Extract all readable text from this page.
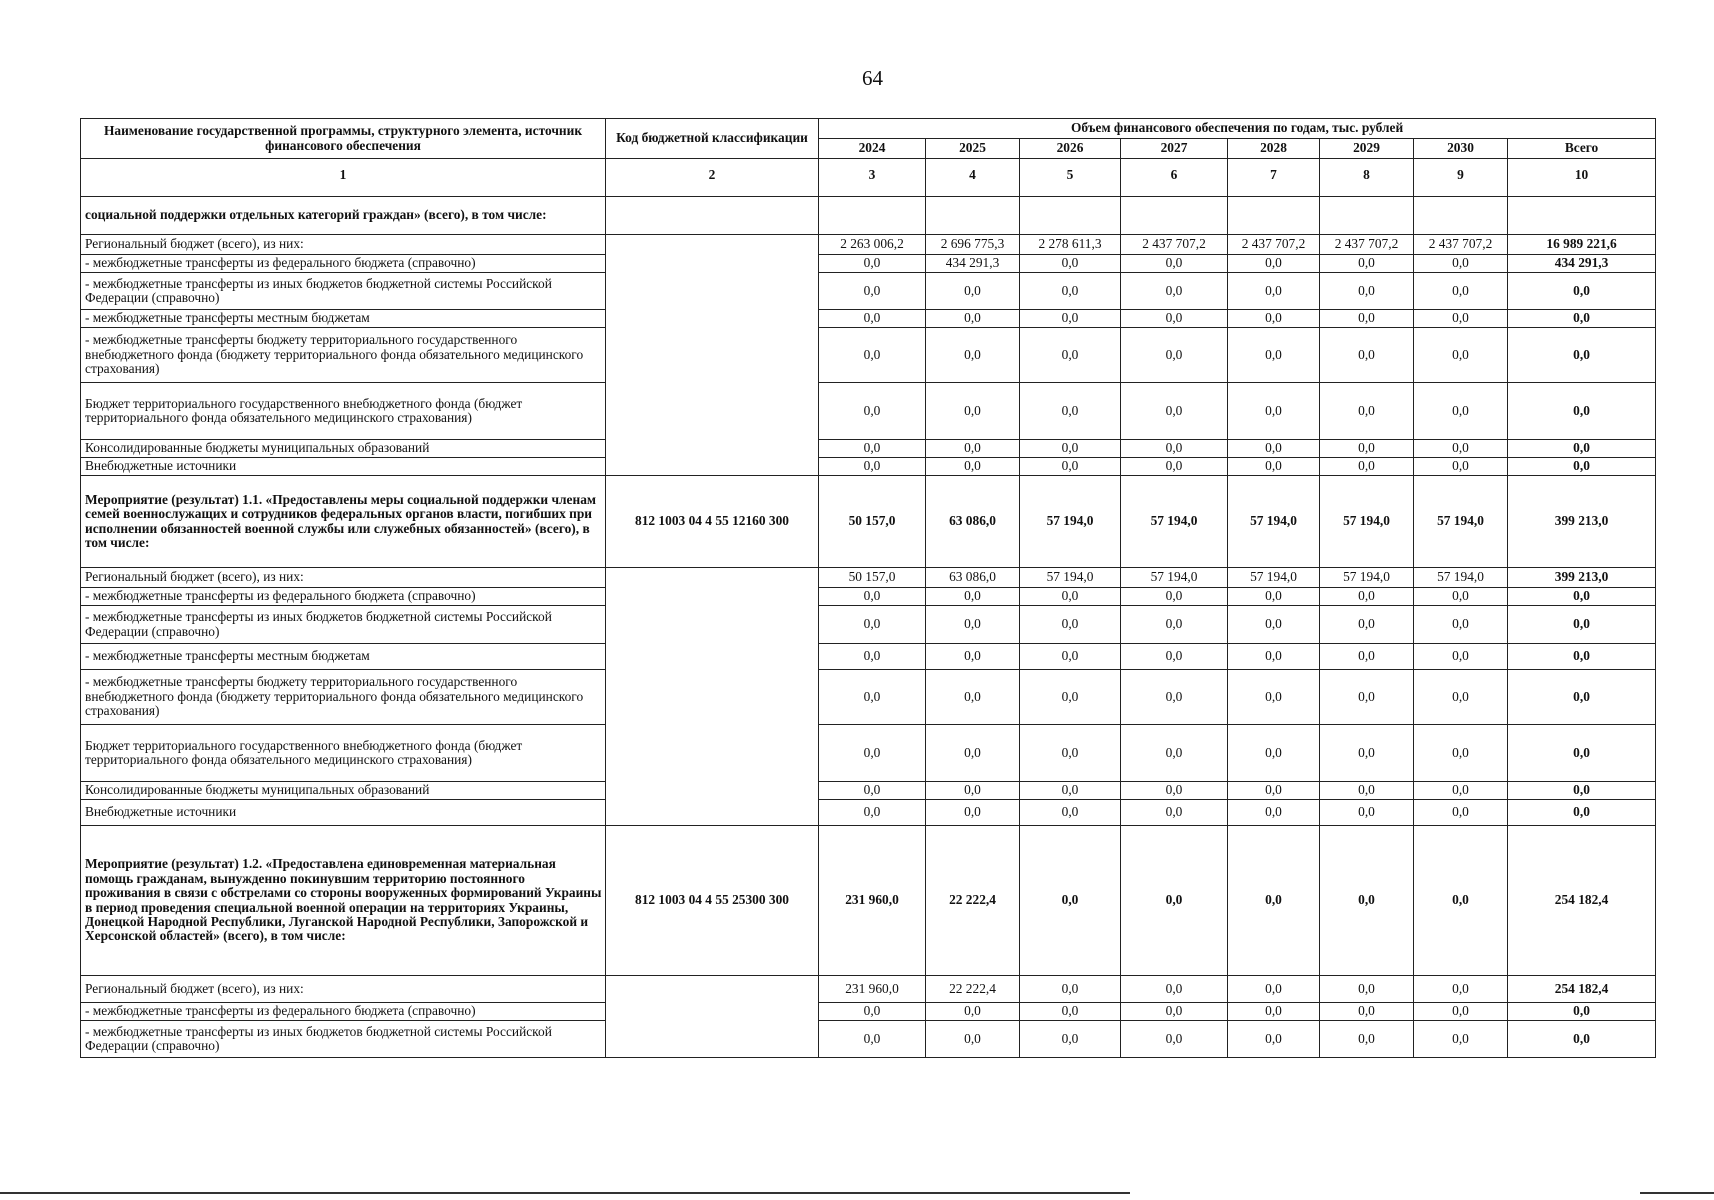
64
Наименование государственной программы, структурного элемента, источник финансового обеспечения	Код бюджетной классификации	Объем финансового обеспечения по годам, тыс. рублей							
		2024	2025	2026	2027	2028	2029	2030	Всего
1	2	3	4	5	6	7	8	9	10
социальной поддержки отдельных категорий граждан» (всего), в том числе:									
Региональный бюджет (всего), из них:		2 263 006,2	2 696 775,3	2 278 611,3	2 437 707,2	2 437 707,2	2 437 707,2	2 437 707,2	16 989 221,6
- межбюджетные трансферты из федерального бюджета (справочно)		0,0	434 291,3	0,0	0,0	0,0	0,0	0,0	434 291,3
- межбюджетные трансферты из иных бюджетов бюджетной системы Российской Федерации (справочно)		0,0	0,0	0,0	0,0	0,0	0,0	0,0	0,0
- межбюджетные трансферты местным бюджетам		0,0	0,0	0,0	0,0	0,0	0,0	0,0	0,0
- межбюджетные трансферты бюджету территориального государственного внебюджетного фонда (бюджету территориального фонда обязательного медицинского страхования)		0,0	0,0	0,0	0,0	0,0	0,0	0,0	0,0
Бюджет территориального государственного внебюджетного фонда (бюджет территориального фонда обязательного медицинского страхования)		0,0	0,0	0,0	0,0	0,0	0,0	0,0	0,0
Консолидированные бюджеты муниципальных образований		0,0	0,0	0,0	0,0	0,0	0,0	0,0	0,0
Внебюджетные источники		0,0	0,0	0,0	0,0	0,0	0,0	0,0	0,0
Мероприятие (результат) 1.1. «Предоставлены меры социальной поддержки членам семей военнослужащих и сотрудников федеральных органов власти, погибших при исполнении обязанностей военной службы или служебных обязанностей» (всего), в том числе:	812 1003 04 4 55 12160 300	50 157,0	63 086,0	57 194,0	57 194,0	57 194,0	57 194,0	57 194,0	399 213,0
Региональный бюджет (всего), из них:		50 157,0	63 086,0	57 194,0	57 194,0	57 194,0	57 194,0	57 194,0	399 213,0
- межбюджетные трансферты из федерального бюджета (справочно)		0,0	0,0	0,0	0,0	0,0	0,0	0,0	0,0
- межбюджетные трансферты из иных бюджетов бюджетной системы Российской Федерации (справочно)		0,0	0,0	0,0	0,0	0,0	0,0	0,0	0,0
- межбюджетные трансферты местным бюджетам		0,0	0,0	0,0	0,0	0,0	0,0	0,0	0,0
- межбюджетные трансферты бюджету территориального государственного внебюджетного фонда (бюджету территориального фонда обязательного медицинского страхования)		0,0	0,0	0,0	0,0	0,0	0,0	0,0	0,0
Бюджет территориального государственного внебюджетного фонда (бюджет территориального фонда обязательного медицинского страхования)		0,0	0,0	0,0	0,0	0,0	0,0	0,0	0,0
Консолидированные бюджеты муниципальных образований		0,0	0,0	0,0	0,0	0,0	0,0	0,0	0,0
Внебюджетные источники		0,0	0,0	0,0	0,0	0,0	0,0	0,0	0,0
Мероприятие (результат) 1.2. «Предоставлена единовременная материальная помощь гражданам, вынужденно покинувшим территорию постоянного проживания в связи с обстрелами со стороны вооруженных формирований Украины в период проведения специальной военной операции на территориях Украины, Донецкой Народной Республики, Луганской Народной Республики, Запорожской и Херсонской областей» (всего), в том числе:	812 1003 04 4 55 25300 300	231 960,0	22 222,4	0,0	0,0	0,0	0,0	0,0	254 182,4
Региональный бюджет (всего), из них:		231 960,0	22 222,4	0,0	0,0	0,0	0,0	0,0	254 182,4
- межбюджетные трансферты из федерального бюджета (справочно)		0,0	0,0	0,0	0,0	0,0	0,0	0,0	0,0
- межбюджетные трансферты из иных бюджетов бюджетной системы Российской Федерации (справочно)		0,0	0,0	0,0	0,0	0,0	0,0	0,0	0,0
